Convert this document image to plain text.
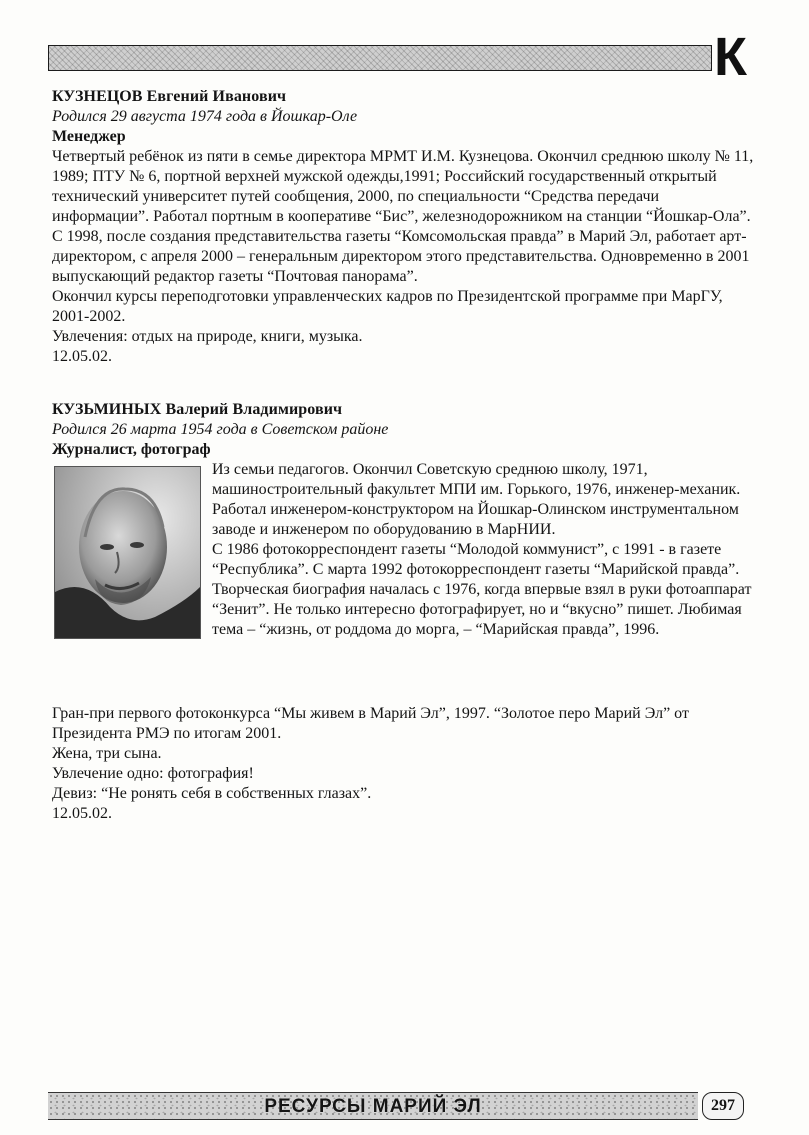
К
КУЗНЕЦОВ Евгений Иванович
Родился 29 августа 1974 года в Йошкар-Оле
Менеджер

Четвертый ребёнок из пяти в семье директора МРМТ И.М. Кузнецова. Окончил среднюю школу № 11, 1989; ПТУ № 6, портной верхней мужской одежды,1991; Российский государственный открытый технический университет путей сообщения, 2000, по специальности “Средства передачи информации”. Работал портным в кооперативе “Бис”, железнодорожником на станции “Йошкар-Ола”. С 1998, после создания представительства газеты “Комсомольская правда” в Марий Эл, работает арт-директором, с апреля 2000 – генеральным директором этого представительства. Одновременно в 2001 выпускающий редактор газеты “Почтовая панорама”.

Окончил курсы переподготовки управленческих кадров по Президентской программе при МарГУ, 2001-2002.

Увлечения: отдых на природе, книги, музыка.

12.05.02.

КУЗЬМИНЫХ Валерий Владимирович
Родился 26 марта 1954 года в Советском районе
Журналист, фотограф

Из семьи педагогов. Окончил Советскую среднюю школу, 1971, машиностроительный факультет МПИ им. Горького, 1976, инженер-механик. Работал инженером-конструктором на Йошкар-Олинском инструментальном заводе и инженером по оборудованию в МарНИИ.

С 1986 фотокорреспондент газеты “Молодой коммунист”, с 1991 - в газете “Республика”. С марта 1992 фотокорреспондент газеты “Марийской правда”.

Творческая биография началась с 1976, когда впервые взял в руки фотоаппарат “Зенит”. Не только интересно фотографирует, но и “вкусно” пишет. Любимая тема – “жизнь, от роддома до морга, – “Марийская правда”, 1996.

Гран-при первого фотоконкурса “Мы живем в Марий Эл”, 1997. “Золотое перо Марий Эл” от Президента РМЭ по итогам 2001.

Жена, три сына.

Увлечение одно: фотография!

Девиз: “Не ронять себя в собственных глазах”.

12.05.02.

РЕСУРСЫ МАРИЙ ЭЛ	297
